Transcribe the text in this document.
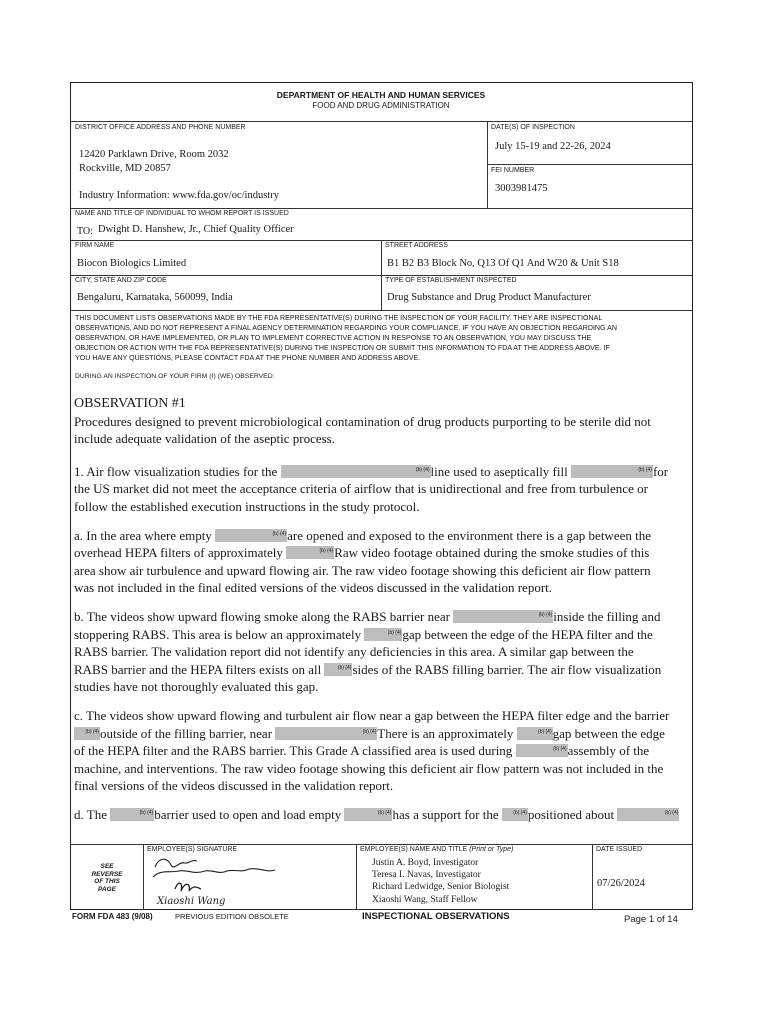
DEPARTMENT OF HEALTH AND HUMAN SERVICES
FOOD AND DRUG ADMINISTRATION
DISTRICT OFFICE ADDRESS AND PHONE NUMBER
12420 Parklawn Drive, Room 2032
Rockville, MD 20857
Industry Information: www.fda.gov/oc/industry
DATE(S) OF INSPECTION
July 15-19 and 22-26, 2024
FEI NUMBER
3003981475
NAME AND TITLE OF INDIVIDUAL TO WHOM REPORT IS ISSUED
TO: Dwight D. Hanshew, Jr., Chief Quality Officer
FIRM NAME
Biocon Biologics Limited
STREET ADDRESS
B1 B2 B3 Block No, Q13 Of Q1 And W20 & Unit S18
CITY, STATE AND ZIP CODE
Bengaluru, Karnataka, 560099, India
TYPE OF ESTABLISHMENT INSPECTED
Drug Substance and Drug Product Manufacturer
THIS DOCUMENT LISTS OBSERVATIONS MADE BY THE FDA REPRESENTATIVE(S) DURING THE INSPECTION OF YOUR FACILITY. THEY ARE INSPECTIONAL
OBSERVATIONS, AND DO NOT REPRESENT A FINAL AGENCY DETERMINATION REGARDING YOUR COMPLIANCE. IF YOU HAVE AN OBJECTION REGARDING AN
OBSERVATION, OR HAVE IMPLEMENTED, OR PLAN TO IMPLEMENT CORRECTIVE ACTION IN RESPONSE TO AN OBSERVATION, YOU MAY DISCUSS THE
OBJECTION OR ACTION WITH THE FDA REPRESENTATIVE(S) DURING THE INSPECTION OR SUBMIT THIS INFORMATION TO FDA AT THE ADDRESS ABOVE. IF
YOU HAVE ANY QUESTIONS, PLEASE CONTACT FDA AT THE PHONE NUMBER AND ADDRESS ABOVE.
DURING AN INSPECTION OF YOUR FIRM (I) (WE) OBSERVED:

OBSERVATION #1

Procedures designed to prevent microbiological contamination of drug products purporting to be sterile did not

include adequate validation of the aseptic process.

1. Air flow visualization studies for the	(b) (4) line used to aseptically fill	(b) (4) for

the US market did not meet the acceptance criteria of airflow that is unidirectional and free from turbulence or

follow the established execution instructions in the study protocol.

a. In the area where empty	(b) (4) are opened and exposed to the environment there is a gap between the

overhead HEPA filters of approximately	(b) (4) Raw video footage obtained during the smoke studies of this

area show air turbulence and upward flowing air. The raw video footage showing this deficient air flow pattern

was not included in the final edited versions of the videos discussed in the validation report.

b. The videos show upward flowing smoke along the RABS barrier near	(b) (4) inside the filling and

stoppering RABS. This area is below an approximately	(b) (4) gap between the edge of the HEPA filter and the

RABS barrier. The validation report did not identify any deficiencies in this area. A similar gap between the

RABS barrier and the HEPA filters exists on all	(b) (4) sides of the RABS filling barrier. The air flow visualization

studies have not thoroughly evaluated this gap.

c. The videos show upward flowing and turbulent air flow near a gap between the HEPA filter edge and the barrier

(b) (4) outside of the filling barrier, near	(b) (4) There is an approximately	(b) (4) gap between the edge

of the HEPA filter and the RABS barrier. This Grade A classified area is used during	(b) (4) assembly of the

machine, and interventions. The raw video footage showing this deficient air flow pattern was not included in the

final versions of the videos discussed in the validation report.

d. The	(b) (4) barrier used to open and load empty	(b) (4) has a support for the (b) (4) positioned about	(b) (4)

SEE
REVERSE
OF THIS
PAGE
EMPLOYEE(S) SIGNATURE
Xiaoshi Wang
EMPLOYEE(S) NAME AND TITLE (Print or Type)
Justin A. Boyd, Investigator
Teresa I. Navas, Investigator
Richard Ledwidge, Senior Biologist
Xiaoshi Wang, Staff Fellow
DATE ISSUED
07/26/2024
FORM FDA 483 (9/08)	PREVIOUS EDITION OBSOLETE	INSPECTIONAL OBSERVATIONS	Page 1 of 14
